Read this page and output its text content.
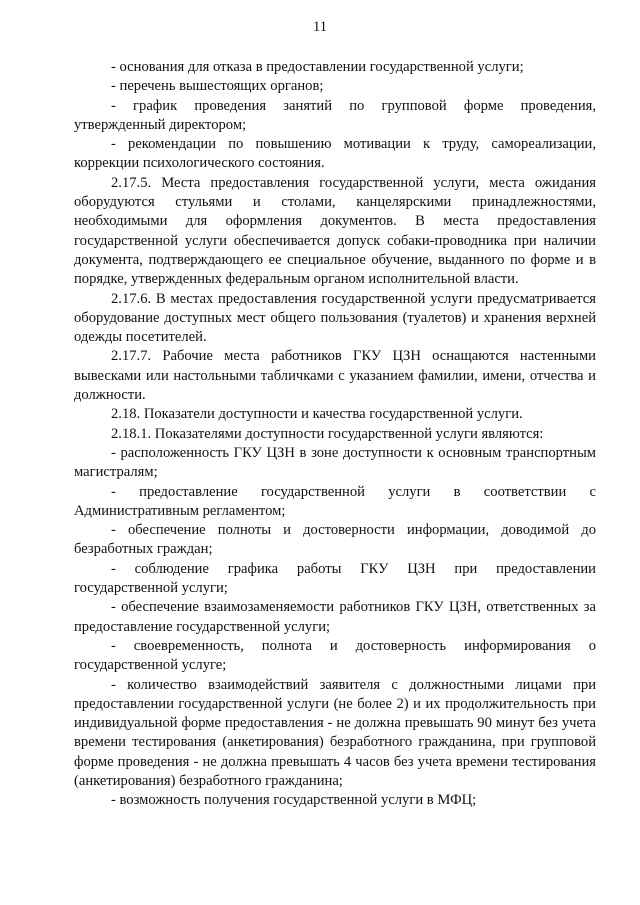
11

- основания для отказа в предоставлении государственной услуги;

- перечень вышестоящих органов;

- график проведения занятий по групповой форме проведения, утвержденный директором;

- рекомендации по повышению мотивации к труду, самореализации, коррекции психологического состояния.

2.17.5. Места предоставления государственной услуги, места ожидания оборудуются стульями и столами, канцелярскими принадлежностями, необходимыми для оформления документов. В места предоставления государственной услуги обеспечивается допуск собаки-проводника при наличии документа, подтверждающего ее специальное обучение, выданного по форме и в порядке, утвержденных федеральным органом исполнительной власти.

2.17.6. В местах предоставления государственной услуги предусматривается оборудование доступных мест общего пользования (туалетов) и хранения верхней одежды посетителей.

2.17.7. Рабочие места работников ГКУ ЦЗН оснащаются настенными вывесками или настольными табличками с указанием фамилии, имени, отчества и должности.

2.18. Показатели доступности и качества государственной услуги.

2.18.1. Показателями доступности государственной услуги являются:

- расположенность ГКУ ЦЗН в зоне доступности к основным транспортным магистралям;

- предоставление государственной услуги в соответствии с Административным регламентом;

- обеспечение полноты и достоверности информации, доводимой до безработных граждан;

- соблюдение графика работы ГКУ ЦЗН при предоставлении государственной услуги;

- обеспечение взаимозаменяемости работников ГКУ ЦЗН, ответственных за предоставление государственной услуги;

- своевременность, полнота и достоверность информирования о государственной услуге;

- количество взаимодействий заявителя с должностными лицами при предоставлении государственной услуги (не более 2) и их продолжительность при индивидуальной форме предоставления - не должна превышать 90 минут без учета времени тестирования (анкетирования) безработного гражданина, при групповой форме проведения - не должна превышать 4 часов без учета времени тестирования (анкетирования) безработного гражданина;

- возможность получения государственной услуги в МФЦ;
